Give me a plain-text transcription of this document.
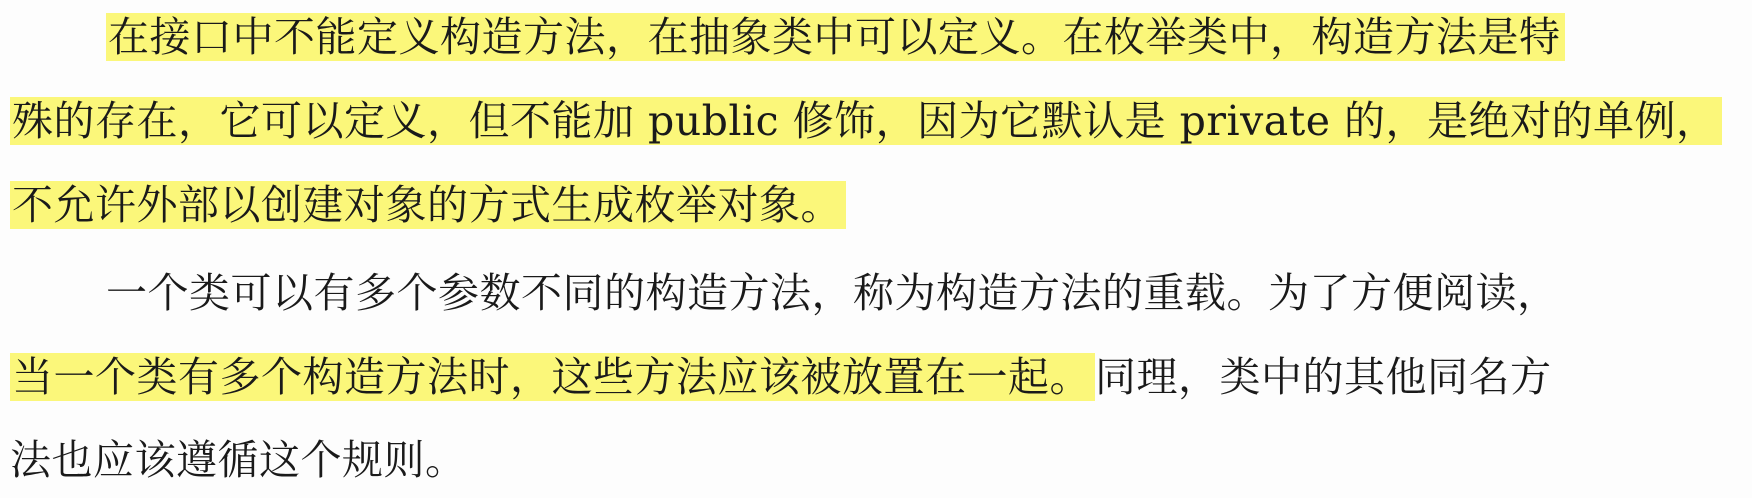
在接口中不能定义构造方法，在抽象类中可以定义。在枚举类中，构造方法是特
殊的存在，它可以定义，但不能加 public 修饰，因为它默认是 private 的，是绝对的单例，
不允许外部以创建对象的方式生成枚举对象。
一个类可以有多个参数不同的构造方法，称为构造方法的重载。为了方便阅读，
当一个类有多个构造方法时，这些方法应该被放置在一起。同理，类中的其他同名方
法也应该遵循这个规则。
